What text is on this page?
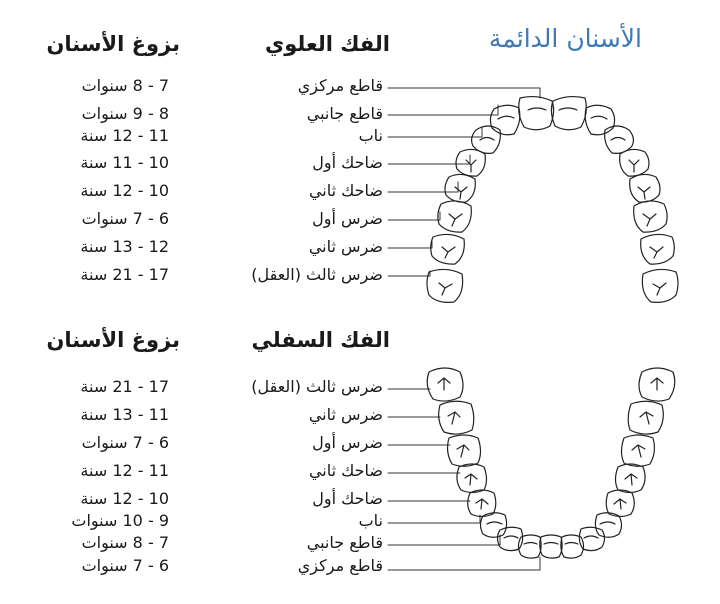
الأسنان الدائمة
الفك العلوي
بزوغ الأسنان
الفك السفلي
بزوغ الأسنان
قاطع مركزي
7 - 8 سنوات
قاطع جانبي
8 - 9 سنوات
ناب
11 - 12 سنة
ضاحك أول
10 - 11 سنة
ضاحك ثاني
10 - 12 سنة
ضرس أول
6 - 7 سنوات
ضرس ثاني
12 - 13 سنة
ضرس ثالث (العقل)
17 - 21 سنة
ضرس ثالث (العقل)
17 - 21 سنة
ضرس ثاني
11 - 13 سنة
ضرس أول
6 - 7 سنوات
ضاحك ثاني
11 - 12 سنة
ضاحك أول
10 - 12 سنة
ناب
9 - 10 سنوات
قاطع جانبي
7 - 8 سنوات
قاطع مركزي
6 - 7 سنوات
